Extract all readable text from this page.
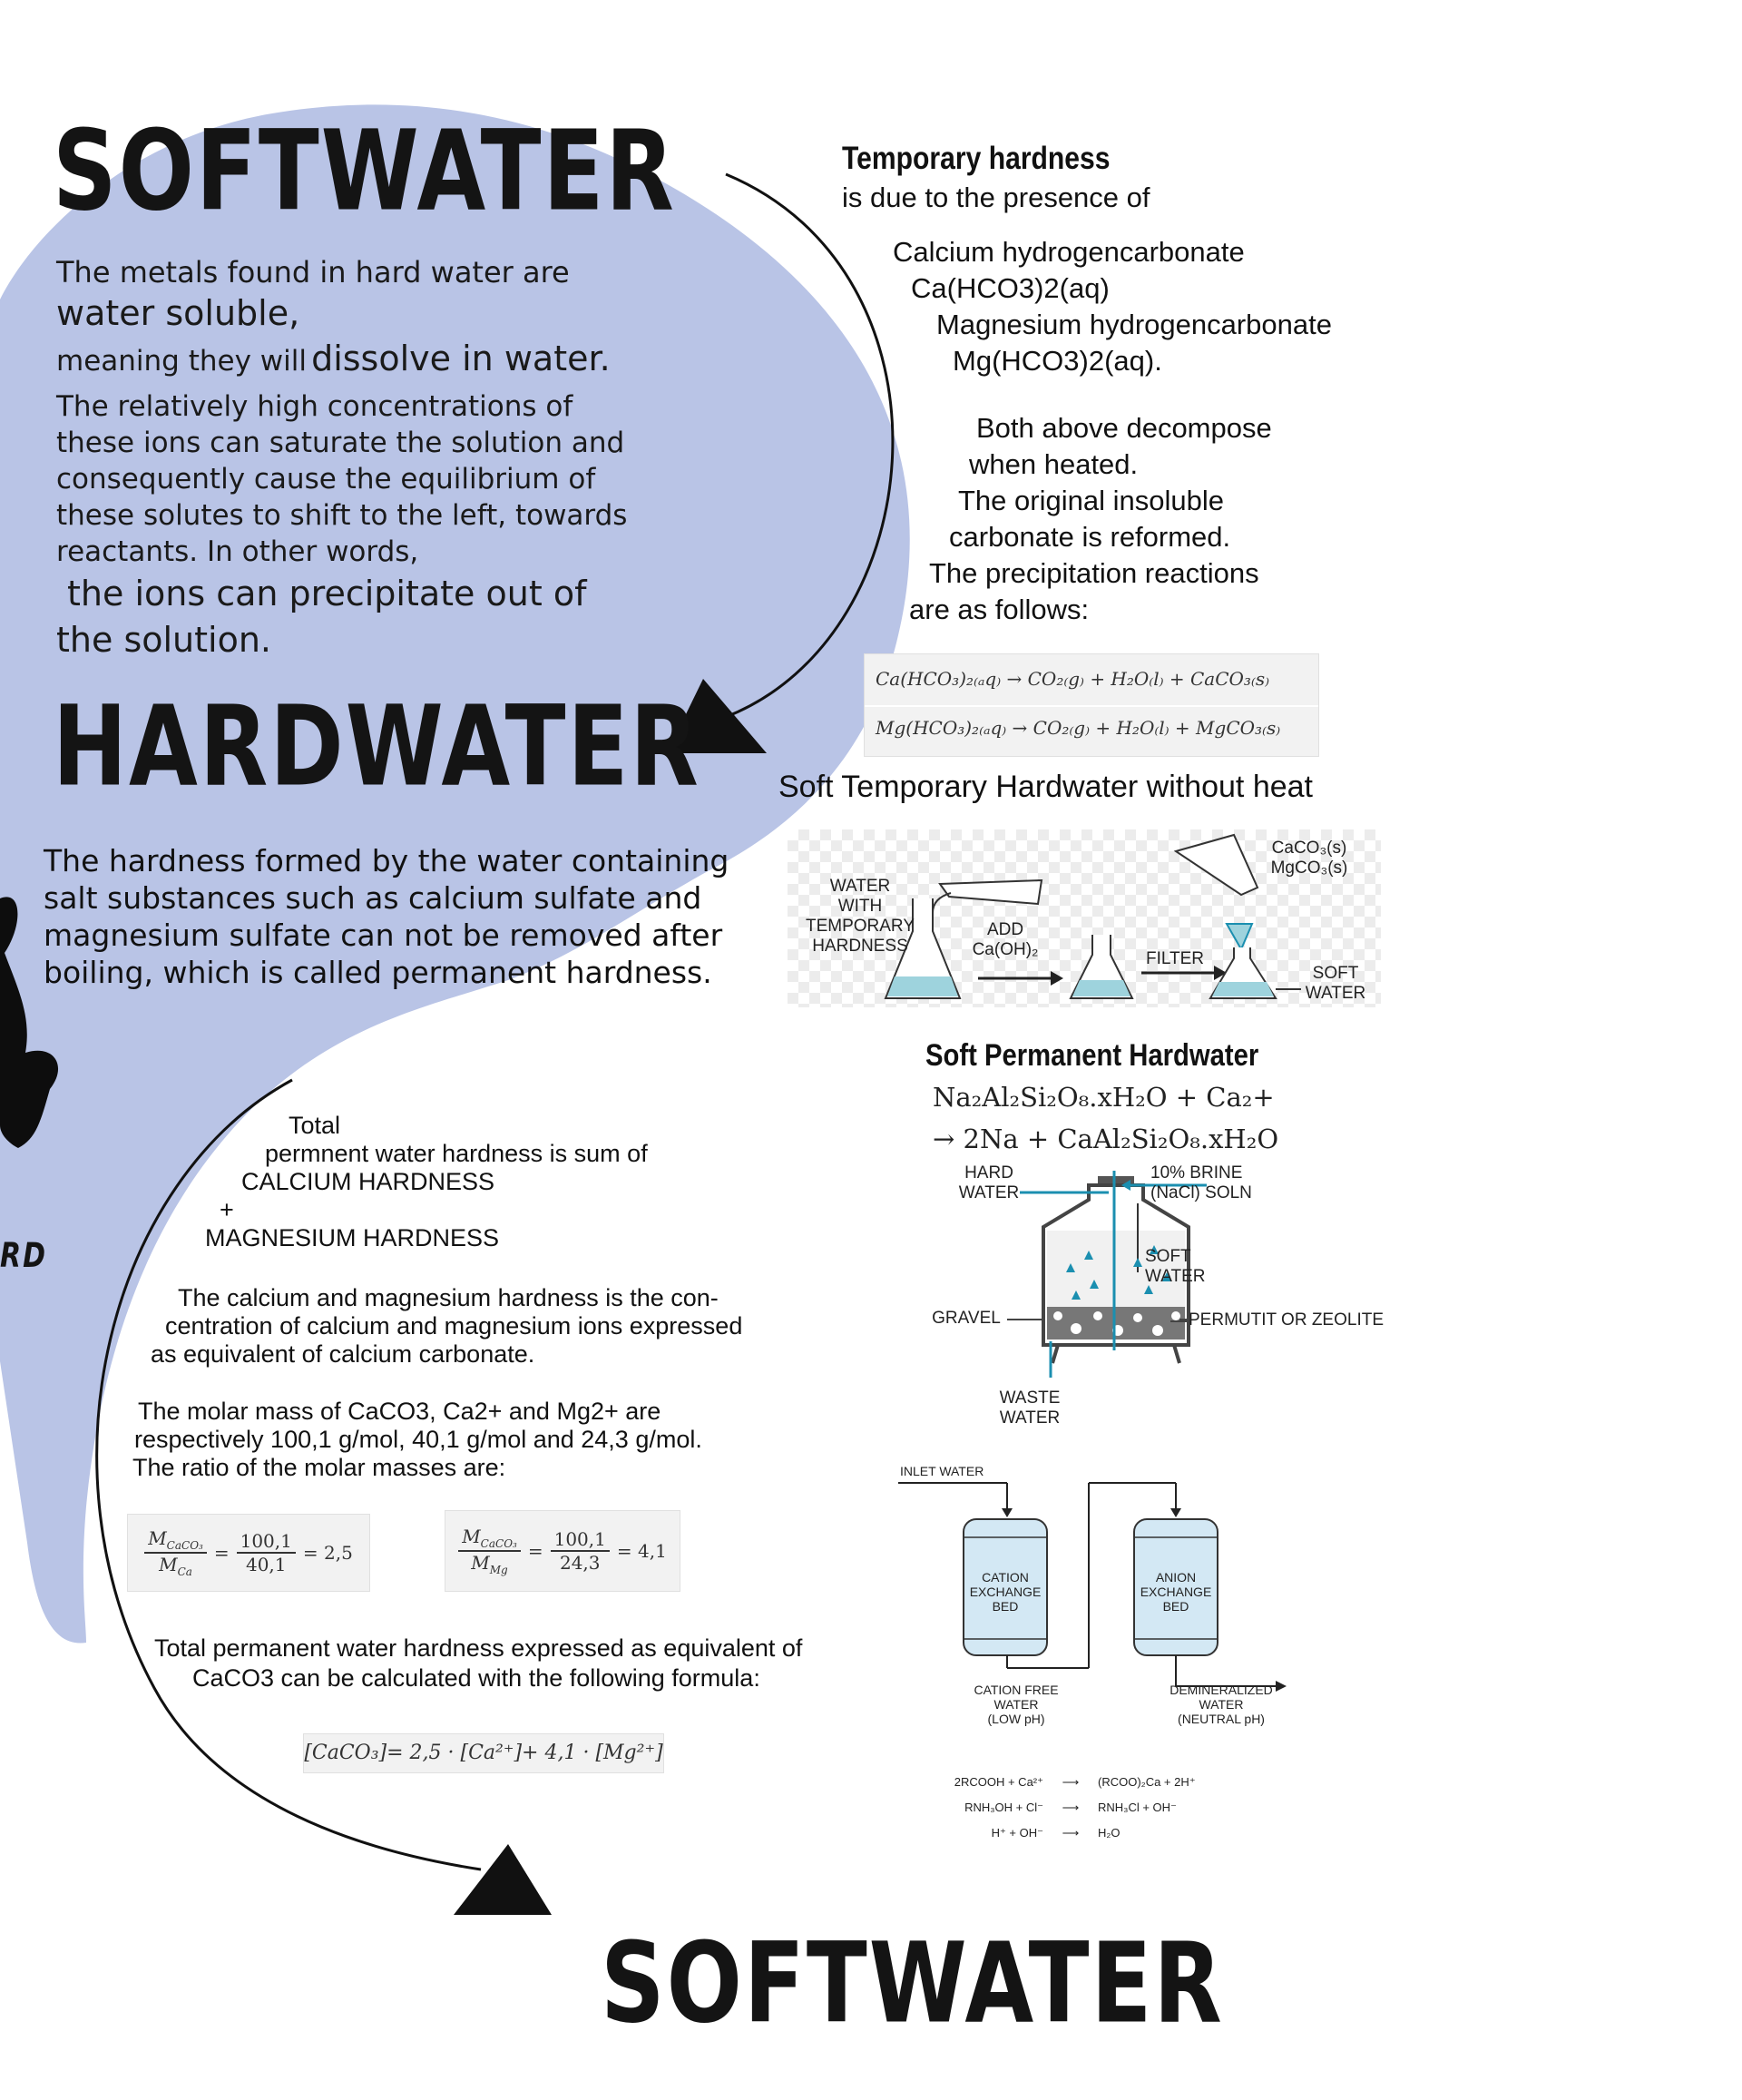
SOFTWATER
HARDWATER
SOFTWATER
RD
The metals found in hard water are
water soluble,
meaning they will dissolve in water.
The relatively high concentrations of
these ions can saturate the solution and
consequently cause the equilibrium of
these solutes to shift to the left, towards
reactants. In other words,
the ions can precipitate out of
the solution.
The hardness formed by the water containing
salt substances such as calcium sulfate and
magnesium sulfate can not be removed after
boiling, which is called permanent hardness.
Temporary hardness
is due to the presence of
Calcium hydrogencarbonate
Ca(HCO3)2(aq)
Magnesium hydrogencarbonate
Mg(HCO3)2(aq).
Both above decompose
when heated.
The original insoluble
carbonate is reformed.
The precipitation reactions
are as follows:
Ca(HCO₃)₂₍ₐq₎ → CO₂₍g₎ + H₂O₍l₎ + CaCO₃₍s₎
Mg(HCO₃)₂₍ₐq₎ → CO₂₍g₎ + H₂O₍l₎ + MgCO₃₍s₎
Soft Temporary Hardwater without heat
WATER
WITH
TEMPORARY
HARDNESS
ADD
Ca(OH)₂	FILTER
CaCO₃(s)
MgCO₃(s)
SOFT
WATER
Soft Permanent Hardwater
Na₂Al₂Si₂O₈.xH₂O + Ca₂+
→ 2Na + CaAl₂Si₂O₈.xH₂O
HARD
WATER
10% BRINE
(NaCl) SOLN
SOFT
WATER
GRAVEL	PERMUTIT OR ZEOLITE
WASTE
WATER
INLET WATER
CATION
EXCHANGE
BED
ANION
EXCHANGE
BED
CATION FREE
WATER
(LOW pH)
DEMINERALIZED
WATER
(NEUTRAL pH)
2RCOOH + Ca²⁺	⟶	(RCOO)₂Ca + 2H⁺
RNH₃OH + Cl⁻	⟶	RNH₃Cl + OH⁻
H⁺ + OH⁻	⟶	H₂O
Total
permnent water hardness is sum of
CALCIUM HARDNESS
+
MAGNESIUM HARDNESS
The calcium and magnesium hardness is the con-
centration of calcium and magnesium ions expressed
as equivalent of calcium carbonate.
The molar mass of CaCO3, Ca2+ and Mg2+ are
respectively 100,1 g/mol, 40,1 g/mol and 24,3 g/mol.
The ratio of the molar masses are:
$\frac{M_{CaCO_3}}{M_{Ca}} = \frac{100,1}{40,1} = 2,5$	$\frac{M_{CaCO_3}}{M_{Mg}} = \frac{100,1}{24,3} = 4,1$
Total permanent water hardness expressed as equivalent of
CaCO3 can be calculated with the following formula:
[CaCO₃]= 2,5 · [Ca²⁺]+ 4,1 · [Mg²⁺]
